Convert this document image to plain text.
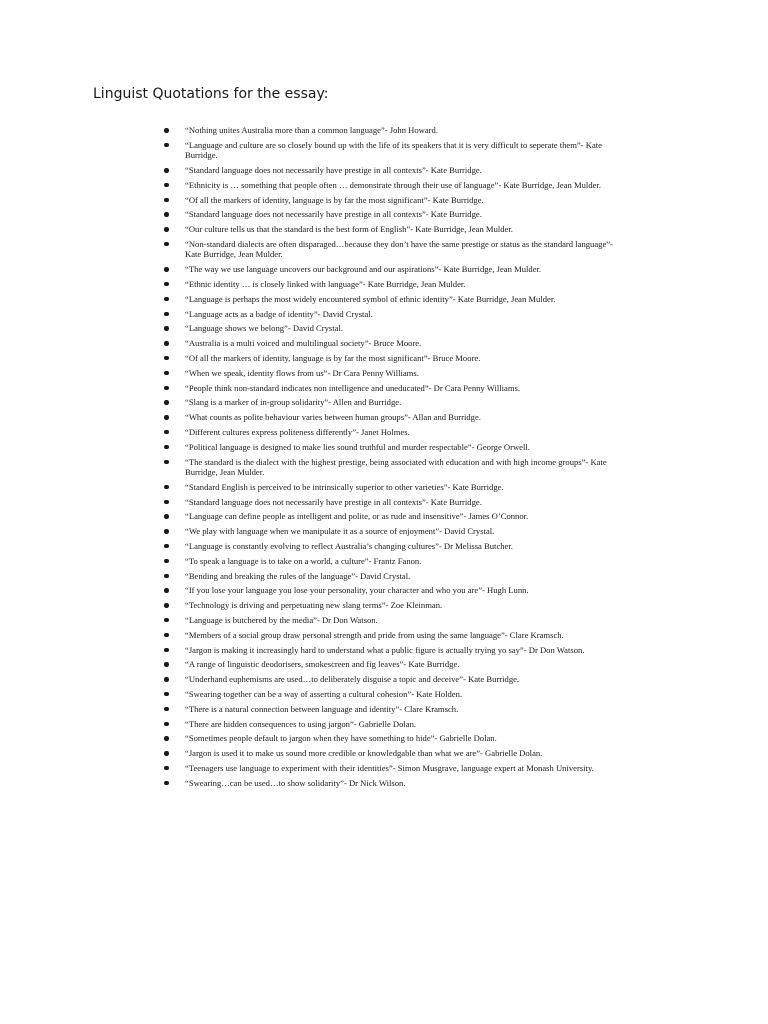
Linguist Quotations for the essay:
“Nothing unites Australia more than a common language”- John Howard.
“Language and culture are so closely bound up with the life of its speakers that it is very difficult to seperate them”- Kate Burridge.
“Standard language does not necessarily have prestige in all contexts”- Kate Burridge.
“Ethnicity is … something that people often … demonstrate through their use of language”- Kate Burridge, Jean Mulder.
“Of all the markers of identity, language is by far the most significant”- Kate Burridge.
“Standard language does not necessarily have prestige in all contexts”- Kate Burridge.
“Our culture tells us that the standard is the best form of English”- Kate Burridge, Jean Mulder.
“Non-standard dialects are often disparaged…because they don’t have the same prestige or status as the standard language”- Kate Burridge, Jean Mulder.
“The way we use language uncovers our background and our aspirations”- Kate Burridge, Jean Mulder.
“Ethnic identity … is closely linked with language”- Kate Burridge, Jean Mulder.
“Language is perhaps the most widely encountered symbol of ethnic identity”- Kate Burridge, Jean Mulder.
“Language acts as a badge of identity”- David Crystal.
“Language shows we belong”- David Crystal.
“Australia is a multi voiced and multilingual society”- Bruce Moore.
“Of all the markers of identity, language is by far the most significant”- Bruce Moore.
“When we speak, identity flows from us”- Dr Cara Penny Williams.
“People think non-standard indicates non intelligence and uneducated”- Dr Cara Penny Williams.
“Slang is a marker of in-group solidarity”- Allen and Burridge.
“What counts as polite behaviour varies between human groups”- Allan and Burridge.
“Different cultures express politeness differently”- Janet Holmes.
“Political language is designed to make lies sound truthful and murder respectable”- George Orwell.
“The standard is the dialect with the highest prestige, being associated with education and with high income groups”- Kate Burridge, Jean Mulder.
“Standard English is perceived to be intrinsically superior to other varieties”- Kate Burridge.
“Standard language does not necessarily have prestige in all contexts”- Kate Burridge.
“Language can define people as intelligent and polite, or as rude and insensitive”- James O’Connor.
“We play with language when we manipulate it as a source of enjoyment”- David Crystal.
“Language is constantly evolving to reflect Australia’s changing cultures”- Dr Melissa Butcher.
“To speak a language is to take on a world, a culture”- Frantz Fanon.
“Bending and breaking the rules of the language”- David Crystal.
“If you lose your language you lose your personality, your character and who you are”- Hugh Lunn.
“Technology is driving and perpetuating new slang terms”- Zoe Kleinman.
“Language is butchered by the media”- Dr Don Watson.
“Members of a social group draw personal strength and pride from using the same language”- Clare Kramsch.
“Jargon is making it increasingly hard to understand what a public figure is actually trying yo say”- Dr Don Watson.
“A range of linguistic deodorisers, smokescreen and fig leaves”- Kate Burridge.
“Underhand euphemisms are used…to deliberately disguise a topic and deceive”- Kate Burridge.
“Swearing together can be a way of asserting a cultural cohesion”- Kate Holden.
“There is a natural connection between language and identity”- Clare Kramsch.
“There are hidden consequences to using jargon”- Gabrielle Dolan.
“Sometimes people default to jargon when they have something to hide”- Gabrielle Dolan.
“Jargon is used it to make us sound more credible or knowledgable than what we are”- Gabrielle Dolan.
“Teenagers use language to experiment with their identities”- Simon Musgrave, language expert at Monash University.
“Swearing…can be used…to show solidarity”- Dr Nick Wilson.
